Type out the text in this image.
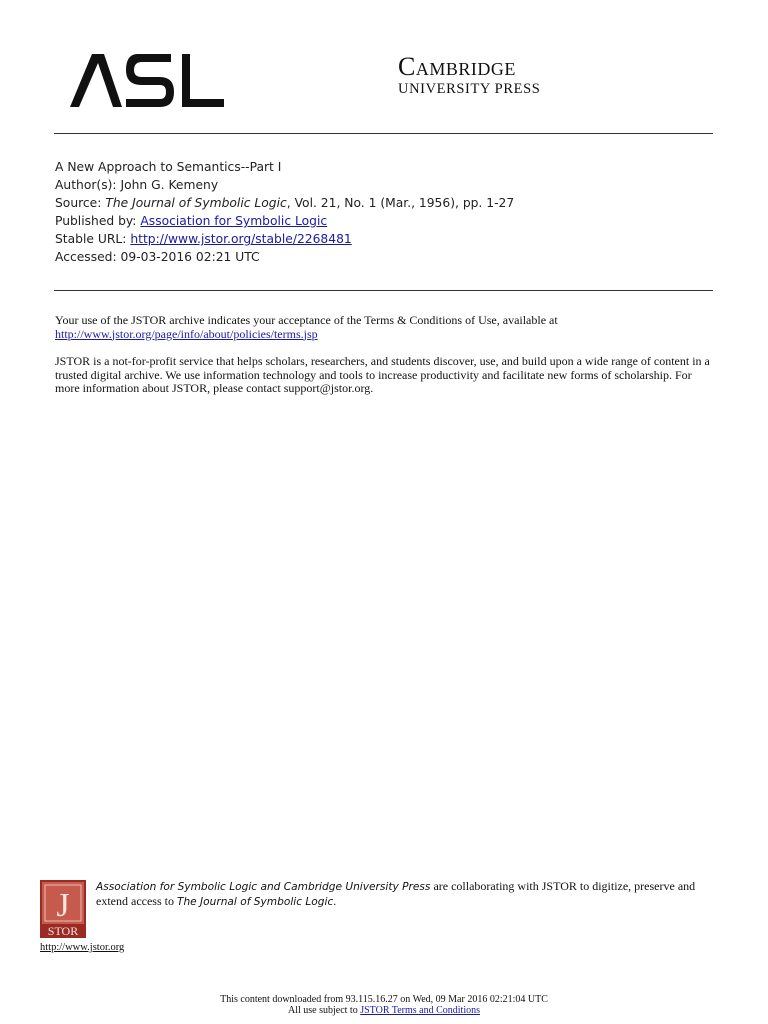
Cambridge
UNIVERSITY PRESS
A New Approach to Semantics--Part I
Author(s): John G. Kemeny
Source: The Journal of Symbolic Logic, Vol. 21, No. 1 (Mar., 1956), pp. 1-27
Published by: Association for Symbolic Logic
Stable URL: http://www.jstor.org/stable/2268481
Accessed: 09-03-2016 02:21 UTC
Your use of the JSTOR archive indicates your acceptance of the Terms & Conditions of Use, available at http://www.jstor.org/page/info/about/policies/terms.jsp
JSTOR is a not-for-profit service that helps scholars, researchers, and students discover, use, and build upon a wide range of content in a trusted digital archive. We use information technology and tools to increase productivity and facilitate new forms of scholarship. For more information about JSTOR, please contact support@jstor.org.
J
STOR
Association for Symbolic Logic and Cambridge University Press are collaborating with JSTOR to digitize, preserve and extend access to The Journal of Symbolic Logic.
http://www.jstor.org
This content downloaded from 93.115.16.27 on Wed, 09 Mar 2016 02:21:04 UTC
All use subject to JSTOR Terms and Conditions
